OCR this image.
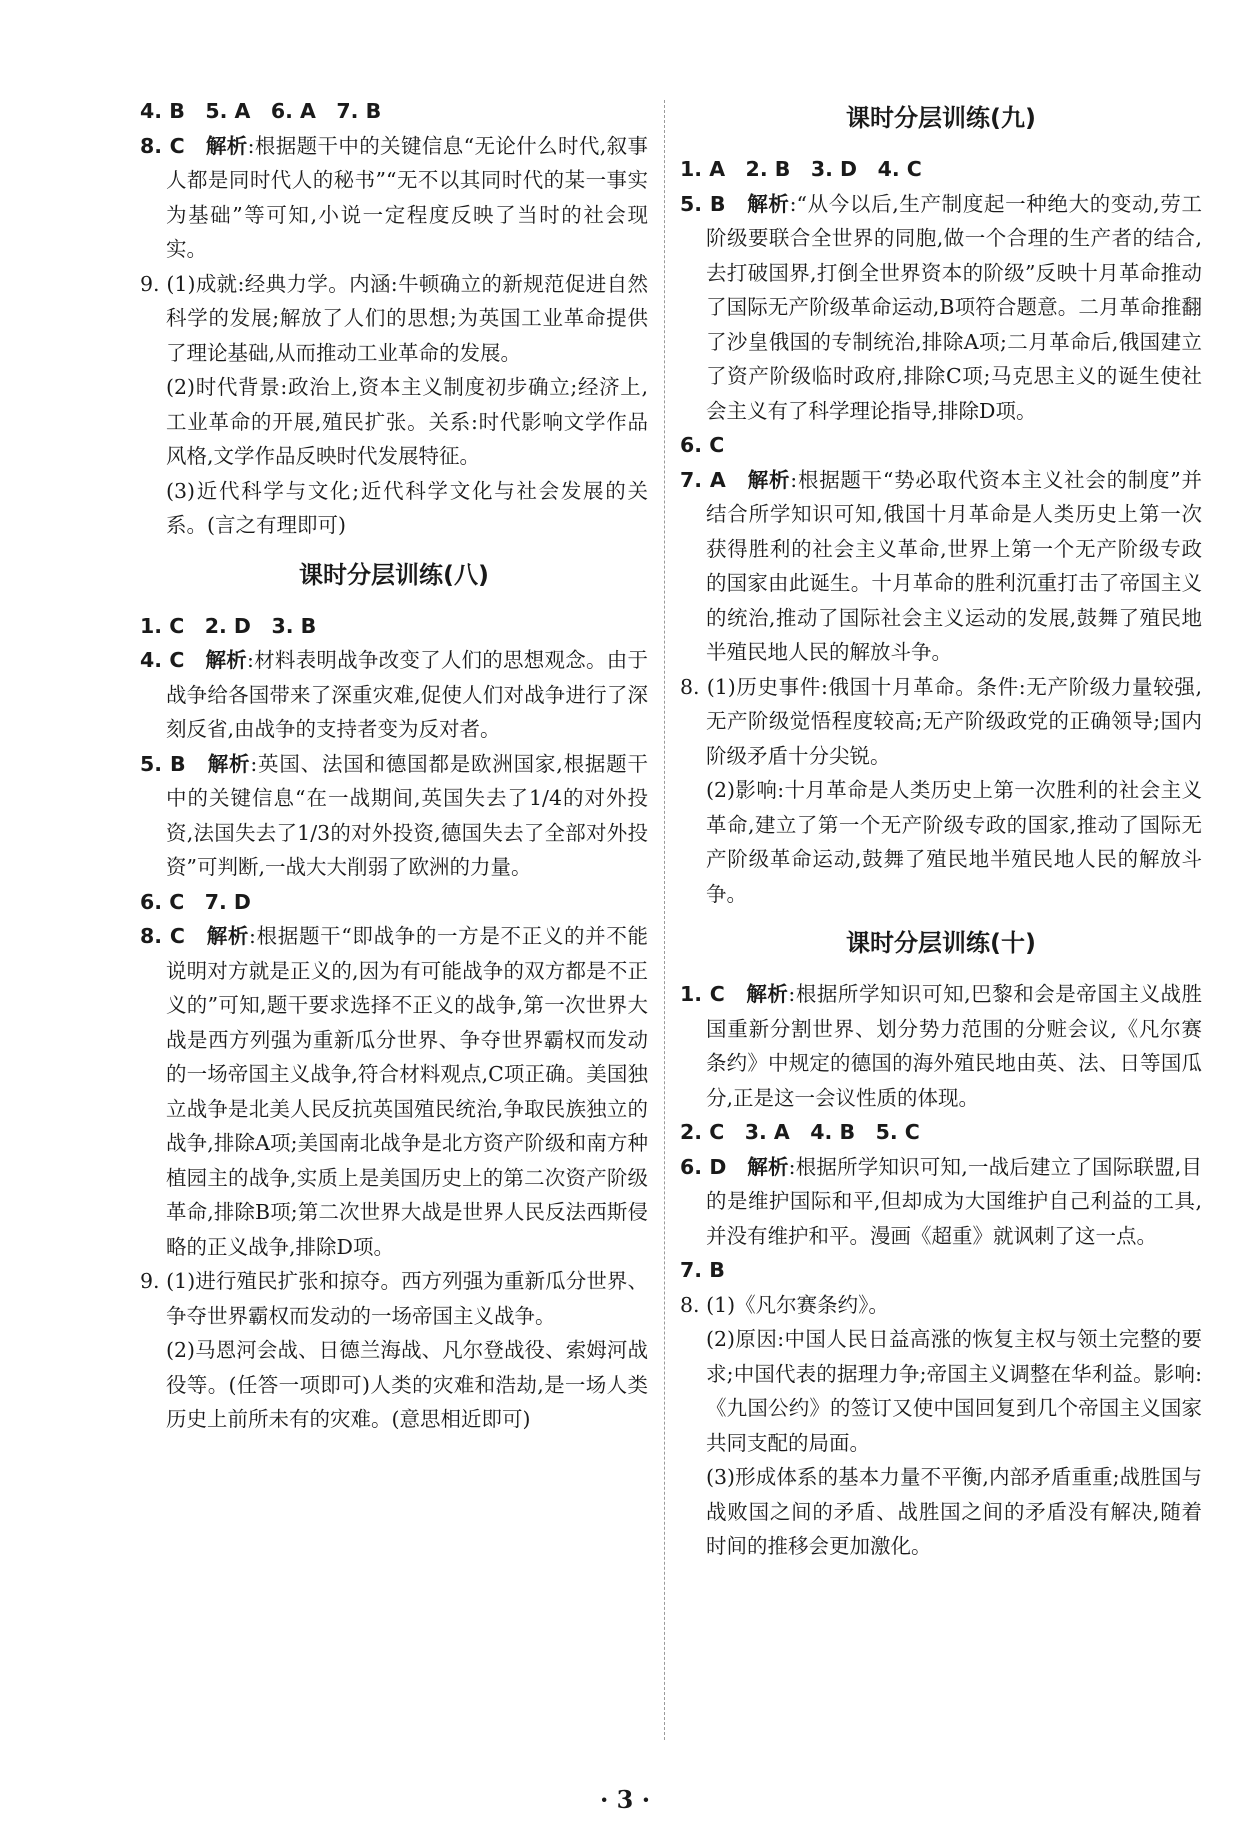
4. B　5. A　6. A　7. B

8. C　解析:根据题干中的关键信息“无论什么时代,叙事人都是同时代人的秘书”“无不以其同时代的某一事实为基础”等可知,小说一定程度反映了当时的社会现实。

9. (1)成就:经典力学。内涵:牛顿确立的新规范促进自然科学的发展;解放了人们的思想;为英国工业革命提供了理论基础,从而推动工业革命的发展。

(2)时代背景:政治上,资本主义制度初步确立;经济上,工业革命的开展,殖民扩张。关系:时代影响文学作品风格,文学作品反映时代发展特征。

(3)近代科学与文化;近代科学文化与社会发展的关系。(言之有理即可)

课时分层训练(八)

1. C　2. D　3. B

4. C　解析:材料表明战争改变了人们的思想观念。由于战争给各国带来了深重灾难,促使人们对战争进行了深刻反省,由战争的支持者变为反对者。

5. B　解析:英国、法国和德国都是欧洲国家,根据题干中的关键信息“在一战期间,英国失去了1/4的对外投资,法国失去了1/3的对外投资,德国失去了全部对外投资”可判断,一战大大削弱了欧洲的力量。

6. C　7. D

8. C　解析:根据题干“即战争的一方是不正义的并不能说明对方就是正义的,因为有可能战争的双方都是不正义的”可知,题干要求选择不正义的战争,第一次世界大战是西方列强为重新瓜分世界、争夺世界霸权而发动的一场帝国主义战争,符合材料观点,C项正确。美国独立战争是北美人民反抗英国殖民统治,争取民族独立的战争,排除A项;美国南北战争是北方资产阶级和南方种植园主的战争,实质上是美国历史上的第二次资产阶级革命,排除B项;第二次世界大战是世界人民反法西斯侵略的正义战争,排除D项。

9. (1)进行殖民扩张和掠夺。西方列强为重新瓜分世界、争夺世界霸权而发动的一场帝国主义战争。

(2)马恩河会战、日德兰海战、凡尔登战役、索姆河战役等。(任答一项即可)人类的灾难和浩劫,是一场人类历史上前所未有的灾难。(意思相近即可)

课时分层训练(九)

1. A　2. B　3. D　4. C

5. B　解析:“从今以后,生产制度起一种绝大的变动,劳工阶级要联合全世界的同胞,做一个合理的生产者的结合,去打破国界,打倒全世界资本的阶级”反映十月革命推动了国际无产阶级革命运动,B项符合题意。二月革命推翻了沙皇俄国的专制统治,排除A项;二月革命后,俄国建立了资产阶级临时政府,排除C项;马克思主义的诞生使社会主义有了科学理论指导,排除D项。

6. C

7. A　解析:根据题干“势必取代资本主义社会的制度”并结合所学知识可知,俄国十月革命是人类历史上第一次获得胜利的社会主义革命,世界上第一个无产阶级专政的国家由此诞生。十月革命的胜利沉重打击了帝国主义的统治,推动了国际社会主义运动的发展,鼓舞了殖民地半殖民地人民的解放斗争。

8. (1)历史事件:俄国十月革命。条件:无产阶级力量较强,无产阶级觉悟程度较高;无产阶级政党的正确领导;国内阶级矛盾十分尖锐。

(2)影响:十月革命是人类历史上第一次胜利的社会主义革命,建立了第一个无产阶级专政的国家,推动了国际无产阶级革命运动,鼓舞了殖民地半殖民地人民的解放斗争。

课时分层训练(十)

1. C　解析:根据所学知识可知,巴黎和会是帝国主义战胜国重新分割世界、划分势力范围的分赃会议,《凡尔赛条约》中规定的德国的海外殖民地由英、法、日等国瓜分,正是这一会议性质的体现。

2. C　3. A　4. B　5. C

6. D　解析:根据所学知识可知,一战后建立了国际联盟,目的是维护国际和平,但却成为大国维护自己利益的工具,并没有维护和平。漫画《超重》就讽刺了这一点。

7. B

8. (1)《凡尔赛条约》。

(2)原因:中国人民日益高涨的恢复主权与领土完整的要求;中国代表的据理力争;帝国主义调整在华利益。影响:《九国公约》的签订又使中国回复到几个帝国主义国家共同支配的局面。

(3)形成体系的基本力量不平衡,内部矛盾重重;战胜国与战败国之间的矛盾、战胜国之间的矛盾没有解决,随着时间的推移会更加激化。

· 3 ·
